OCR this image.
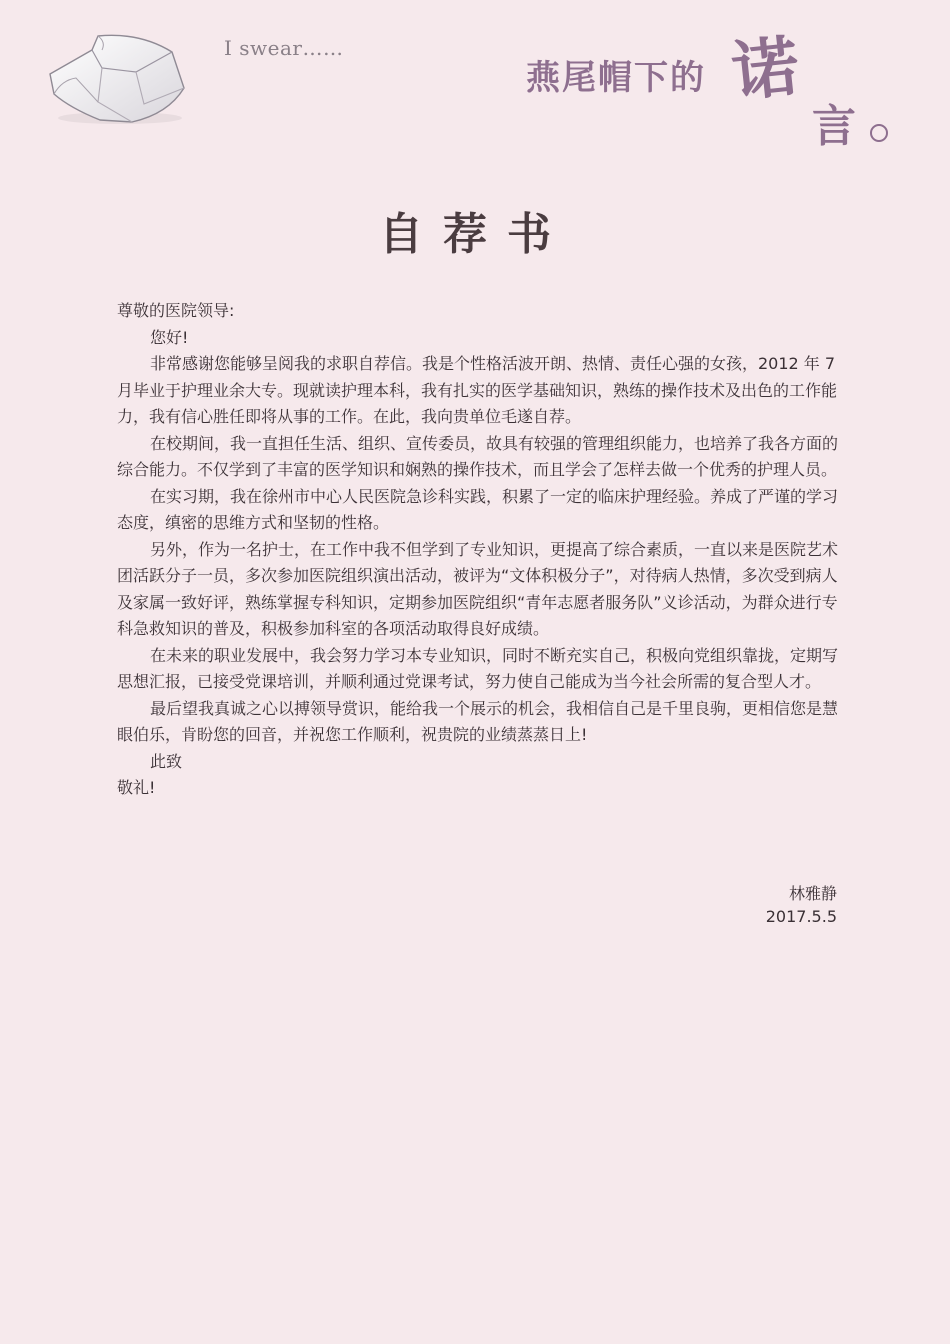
I swear……
燕尾帽下的 诺
言
自荐书

尊敬的医院领导:

您好!

非常感谢您能够呈阅我的求职自荐信。我是个性格活波开朗、热情、责任心强的女孩，2012 年 7 月毕业于护理业余大专。现就读护理本科，我有扎实的医学基础知识，熟练的操作技术及出色的工作能力，我有信心胜任即将从事的工作。在此，我向贵单位毛遂自荐。

在校期间，我一直担任生活、组织、宣传委员，故具有较强的管理组织能力，也培养了我各方面的综合能力。不仅学到了丰富的医学知识和娴熟的操作技术，而且学会了怎样去做一个优秀的护理人员。

在实习期，我在徐州市中心人民医院急诊科实践，积累了一定的临床护理经验。养成了严谨的学习态度，缜密的思维方式和坚韧的性格。

另外，作为一名护士，在工作中我不但学到了专业知识，更提高了综合素质，一直以来是医院艺术团活跃分子一员，多次参加医院组织演出活动，被评为“文体积极分子”，对待病人热情，多次受到病人及家属一致好评，熟练掌握专科知识，定期参加医院组织“青年志愿者服务队”义诊活动，为群众进行专科急救知识的普及，积极参加科室的各项活动取得良好成绩。

在未来的职业发展中，我会努力学习本专业知识，同时不断充实自己，积极向党组织靠拢，定期写思想汇报，已接受党课培训，并顺利通过党课考试，努力使自己能成为当今社会所需的复合型人才。

最后望我真诚之心以搏领导赏识，能给我一个展示的机会，我相信自己是千里良驹，更相信您是慧眼伯乐，肯盼您的回音，并祝您工作顺利，祝贵院的业绩蒸蒸日上!

此致

敬礼!

林雅静
2017.5.5
